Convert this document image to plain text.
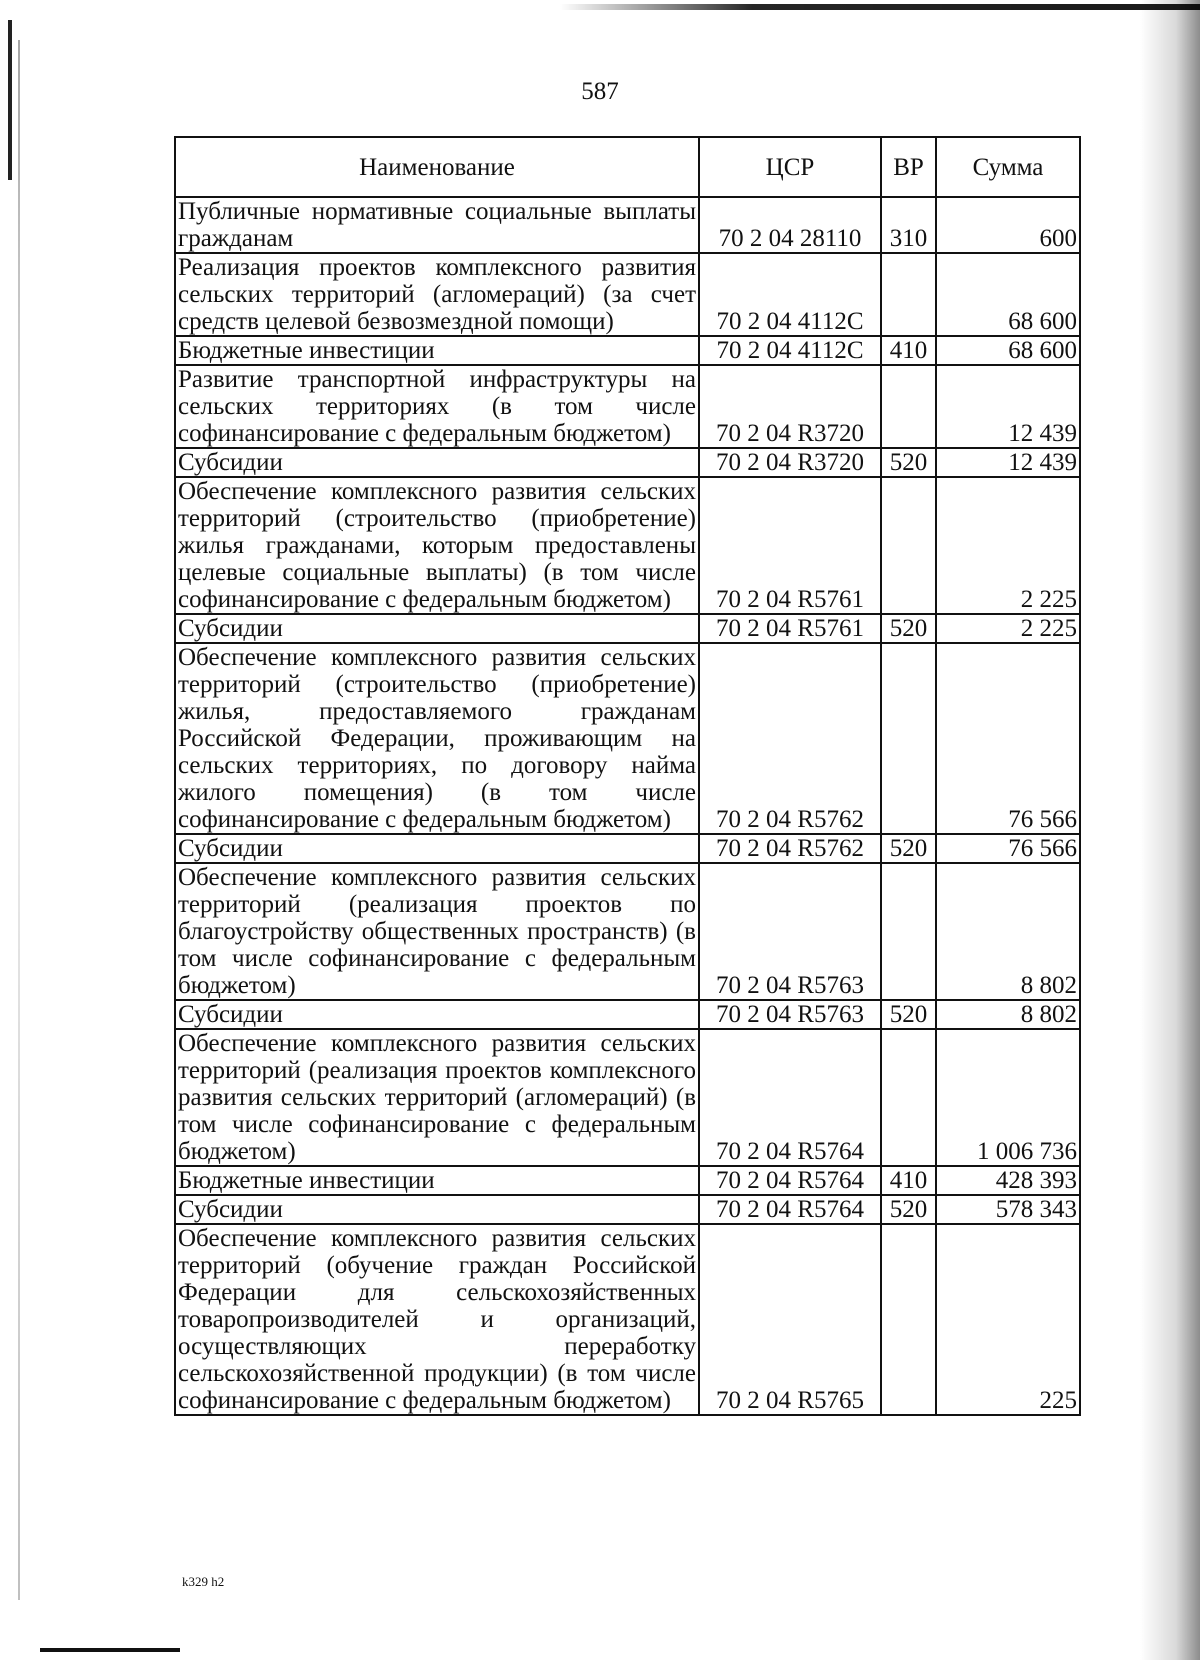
587
Наименование	ЦСР	ВР	Сумма
Публичные нормативные социальные выплаты гражданам	70 2 04 28110	310	600
Реализация проектов комплексного развития сельских территорий (агломераций) (за счет средств целевой безвозмездной помощи)	70 2 04 4112C		68 600
Бюджетные инвестиции	70 2 04 4112C	410	68 600
Развитие транспортной инфраструктуры на сельских территориях (в том числе софинансирование с федеральным бюджетом)	70 2 04 R3720		12 439
Субсидии	70 2 04 R3720	520	12 439
Обеспечение комплексного развития сельских территорий (строительство (приобретение) жилья гражданами, которым предоставлены целевые социальные выплаты) (в том числе софинансирование с федеральным бюджетом)	70 2 04 R5761		2 225
Субсидии	70 2 04 R5761	520	2 225
Обеспечение комплексного развития сельских территорий (строительство (приобретение) жилья, предоставляемого гражданам Российской Федерации, проживающим на сельских территориях, по договору найма жилого помещения) (в том числе софинансирование с федеральным бюджетом)	70 2 04 R5762		76 566
Субсидии	70 2 04 R5762	520	76 566
Обеспечение комплексного развития сельских территорий (реализация проектов по благоустройству общественных пространств) (в том числе софинансирование с федеральным бюджетом)	70 2 04 R5763		8 802
Субсидии	70 2 04 R5763	520	8 802
Обеспечение комплексного развития сельских территорий (реализация проектов комплексного развития сельских территорий (агломераций) (в том числе софинансирование с федеральным бюджетом)	70 2 04 R5764		1 006 736
Бюджетные инвестиции	70 2 04 R5764	410	428 393
Субсидии	70 2 04 R5764	520	578 343
Обеспечение комплексного развития сельских территорий (обучение граждан Российской Федерации для сельскохозяйственных товаропроизводителей и организаций, осуществляющих переработку сельскохозяйственной продукции) (в том числе софинансирование с федеральным бюджетом)	70 2 04 R5765		225
k329 h2
